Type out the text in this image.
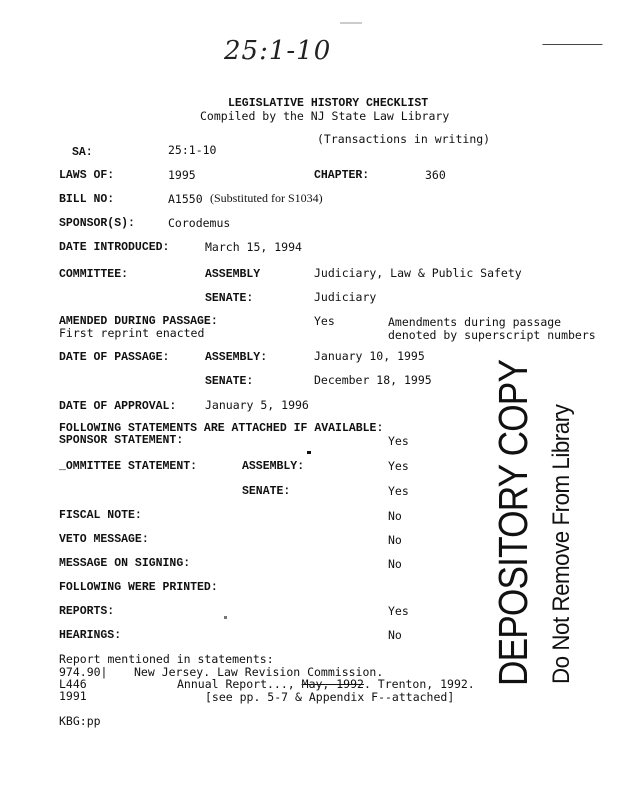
25:1-10
LEGISLATIVE HISTORY CHECKLIST
Compiled by the NJ State Law Library
(Transactions in writing)
SA:	25:1-10
LAWS OF:	1995	CHAPTER:	360
BILL NO:	A1550 (Substituted for S1034)
SPONSOR(S):	Corodemus
DATE INTRODUCED:	March 15, 1994
COMMITTEE:	ASSEMBLY	Judiciary, Law & Public Safety
SENATE:	Judiciary
AMENDED DURING PASSAGE:	Yes	Amendments during passage
First reprint enacted	denoted by superscript numbers
DATE OF PASSAGE:	ASSEMBLY:	January 10, 1995
SENATE:	December 18, 1995
DATE OF APPROVAL: January 5, 1996
FOLLOWING STATEMENTS ARE ATTACHED IF AVAILABLE:
SPONSOR STATEMENT:	Yes
_OMMITTEE STATEMENT:	ASSEMBLY:	Yes
SENATE:	Yes
FISCAL NOTE:	No
VETO MESSAGE:	No
MESSAGE ON SIGNING:	No
FOLLOWING WERE PRINTED:
REPORTS:	Yes
HEARINGS:	No
Report mentioned in statements:
974.90| New Jersey. Law Revision Commission.
L446	Annual Report..., May, 1992. Trenton, 1992.
1991	[see pp. 5-7 & Appendix F--attached]
KBG:pp
DEPOSITORY COPY Do Not Remove From Library
